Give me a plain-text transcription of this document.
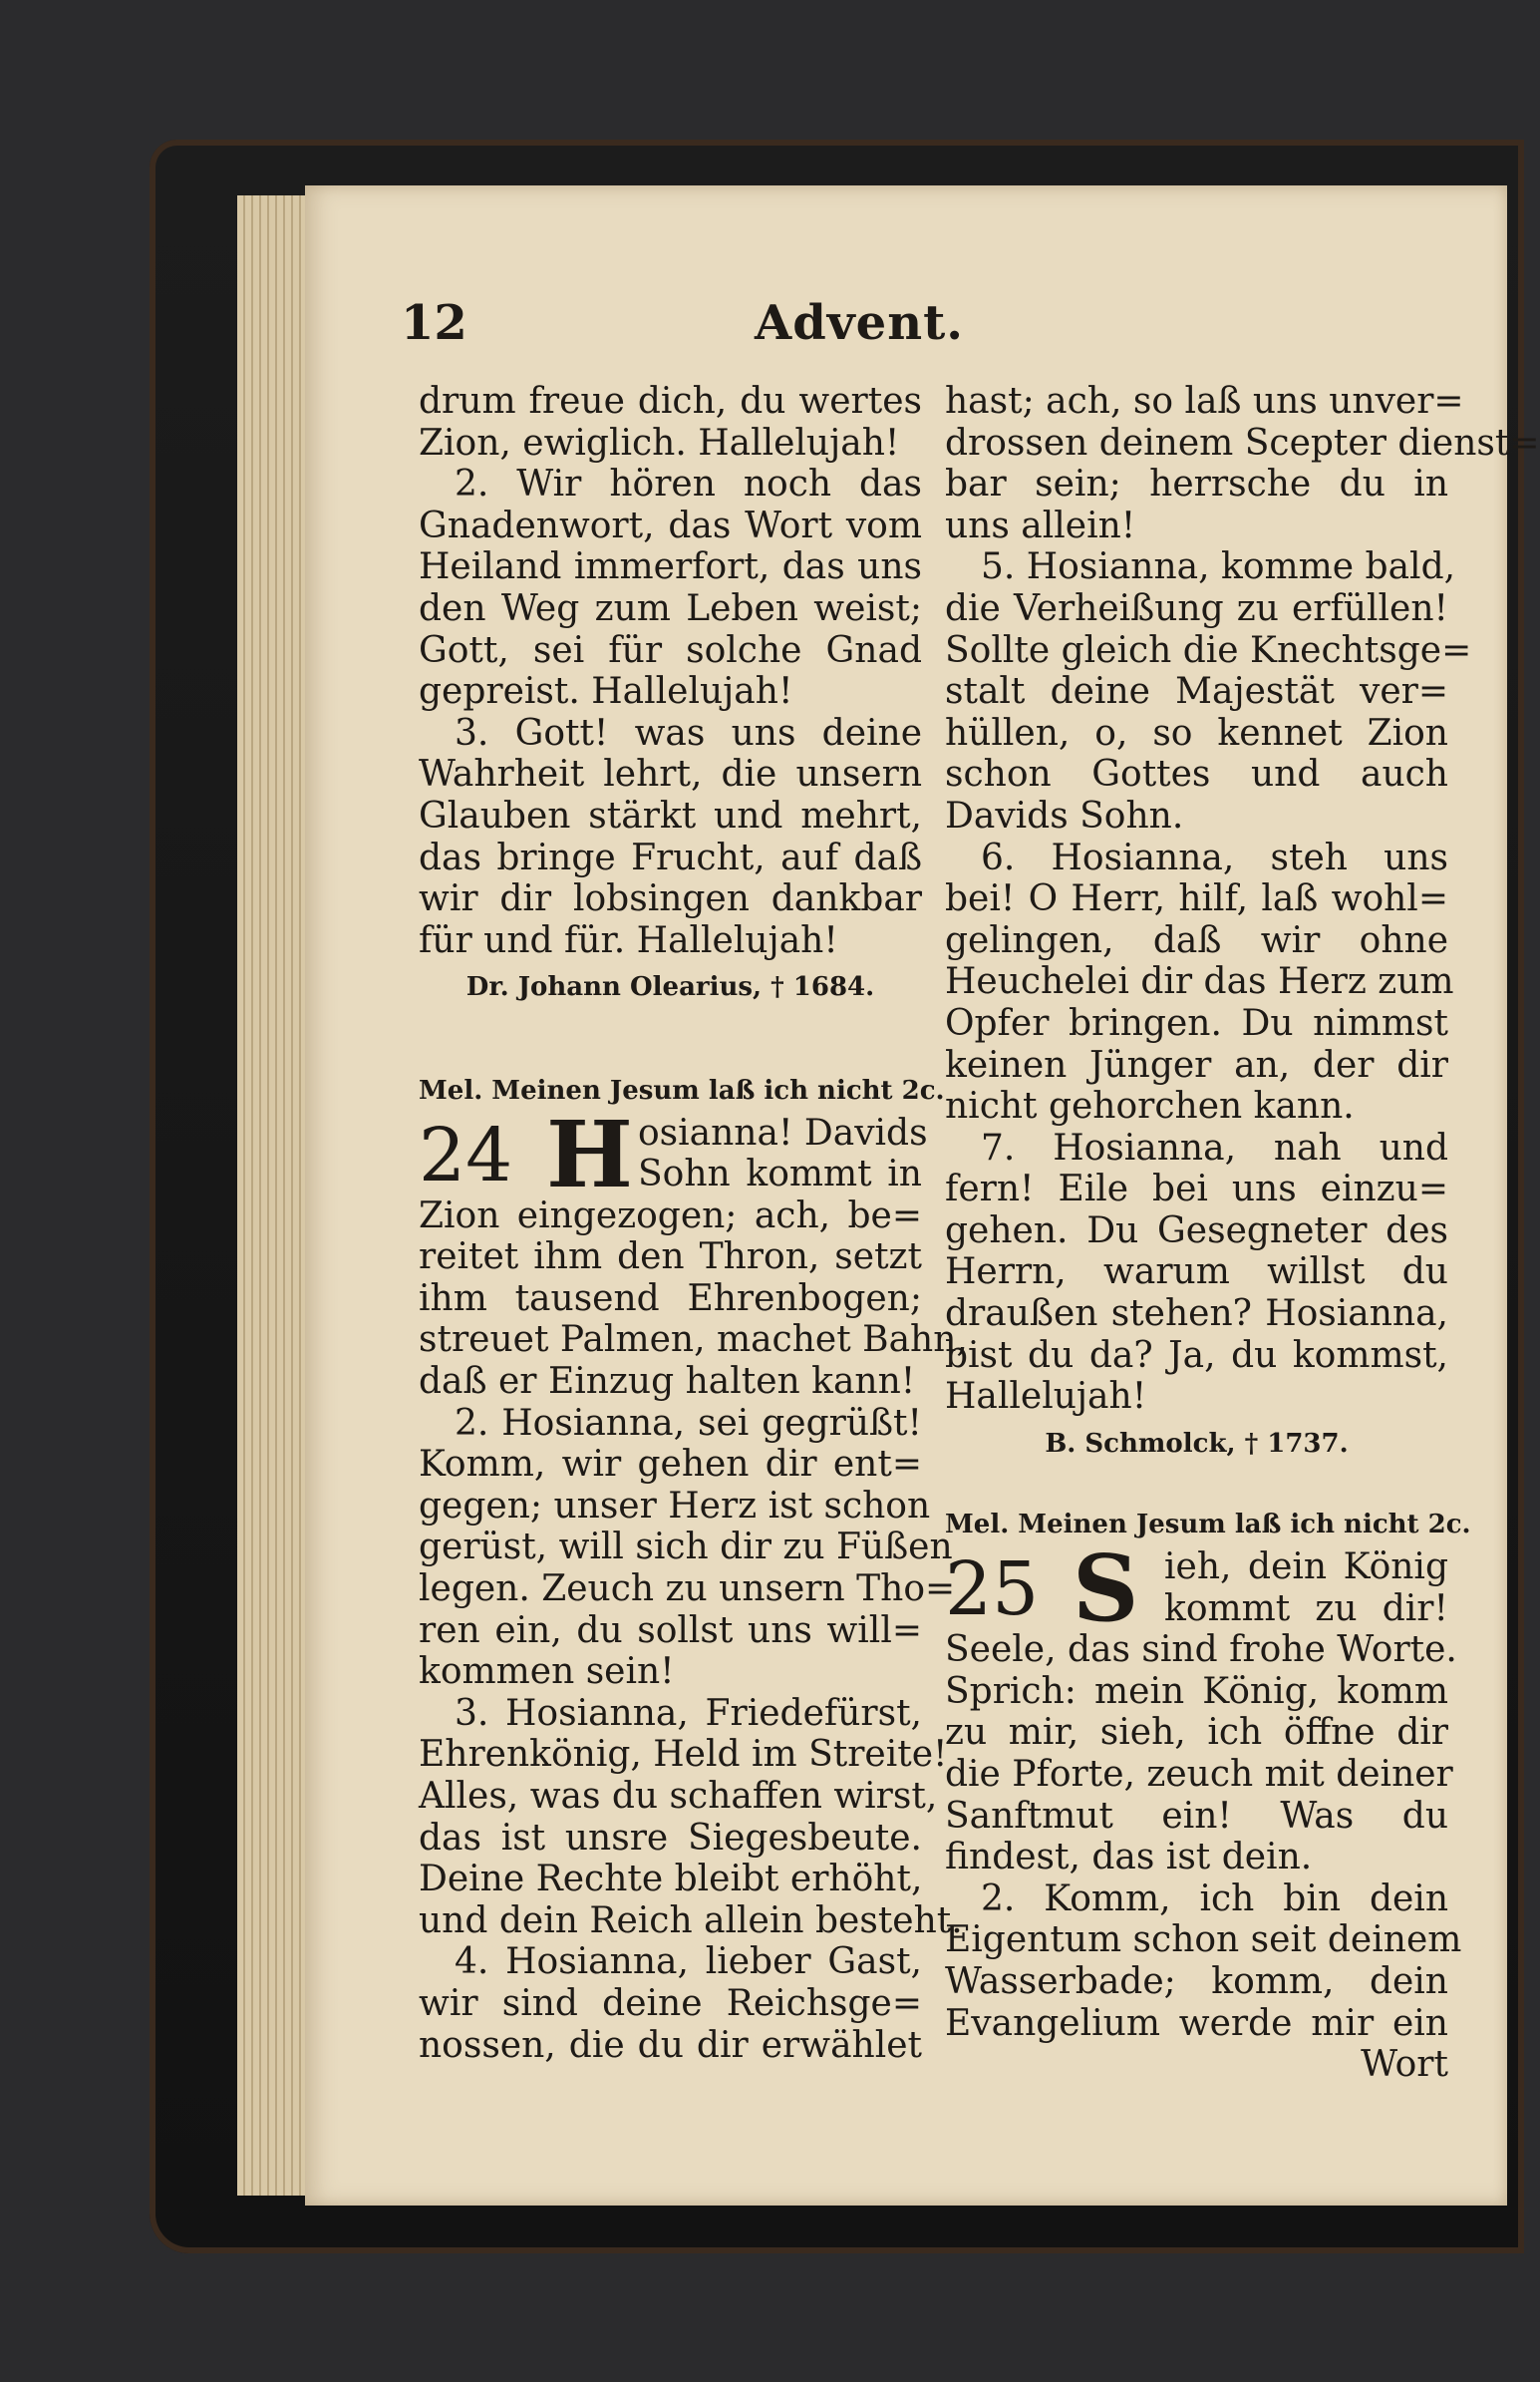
12	Advent.
drum freue dich, du wertes
Zion, ewiglich. Hallelujah!
2. Wir hören noch das
Gnadenwort, das Wort vom
Heiland immerfort, das uns
den Weg zum Leben weist;
Gott, sei für solche Gnad
gepreist. Hallelujah!
3. Gott! was uns deine
Wahrheit lehrt, die unsern
Glauben stärkt und mehrt,
das bringe Frucht, auf daß
wir dir lobsingen dankbar
für und für. Hallelujah!
Dr. Johann Olearius, † 1684.
Mel. Meinen Jesum laß ich nicht 2c.
24 H osianna! Davids
Sohn kommt in
Zion eingezogen; ach, be=
reitet ihm den Thron, setzt
ihm tausend Ehrenbogen;
streuet Palmen, machet Bahn,
daß er Einzug halten kann!
2. Hosianna, sei gegrüßt!
Komm, wir gehen dir ent=
gegen; unser Herz ist schon
gerüst, will sich dir zu Füßen
legen. Zeuch zu unsern Tho=
ren ein, du sollst uns will=
kommen sein!
3. Hosianna, Friedefürst,
Ehrenkönig, Held im Streite!
Alles, was du schaffen wirst,
das ist unsre Siegesbeute.
Deine Rechte bleibt erhöht,
und dein Reich allein besteht.
4. Hosianna, lieber Gast,
wir sind deine Reichsge=
nossen, die du dir erwählet
hast; ach, so laß uns unver=
drossen deinem Scepter dienst=
bar sein; herrsche du in
uns allein!
5. Hosianna, komme bald,
die Verheißung zu erfüllen!
Sollte gleich die Knechtsge=
stalt deine Majestät ver=
hüllen, o, so kennet Zion
schon Gottes und auch
Davids Sohn.
6. Hosianna, steh uns
bei! O Herr, hilf, laß wohl=
gelingen, daß wir ohne
Heuchelei dir das Herz zum
Opfer bringen. Du nimmst
keinen Jünger an, der dir
nicht gehorchen kann.
7. Hosianna, nah und
fern! Eile bei uns einzu=
gehen. Du Gesegneter des
Herrn, warum willst du
draußen stehen? Hosianna,
bist du da? Ja, du kommst,
Hallelujah!
B. Schmolck, † 1737.
Mel. Meinen Jesum laß ich nicht 2c.
25 S ieh, dein König
kommt zu dir!
Seele, das sind frohe Worte.
Sprich: mein König, komm
zu mir, sieh, ich öffne dir
die Pforte, zeuch mit deiner
Sanftmut ein! Was du
findest, das ist dein.
2. Komm, ich bin dein
Eigentum schon seit deinem
Wasserbade; komm, dein
Evangelium werde mir ein
Wort
